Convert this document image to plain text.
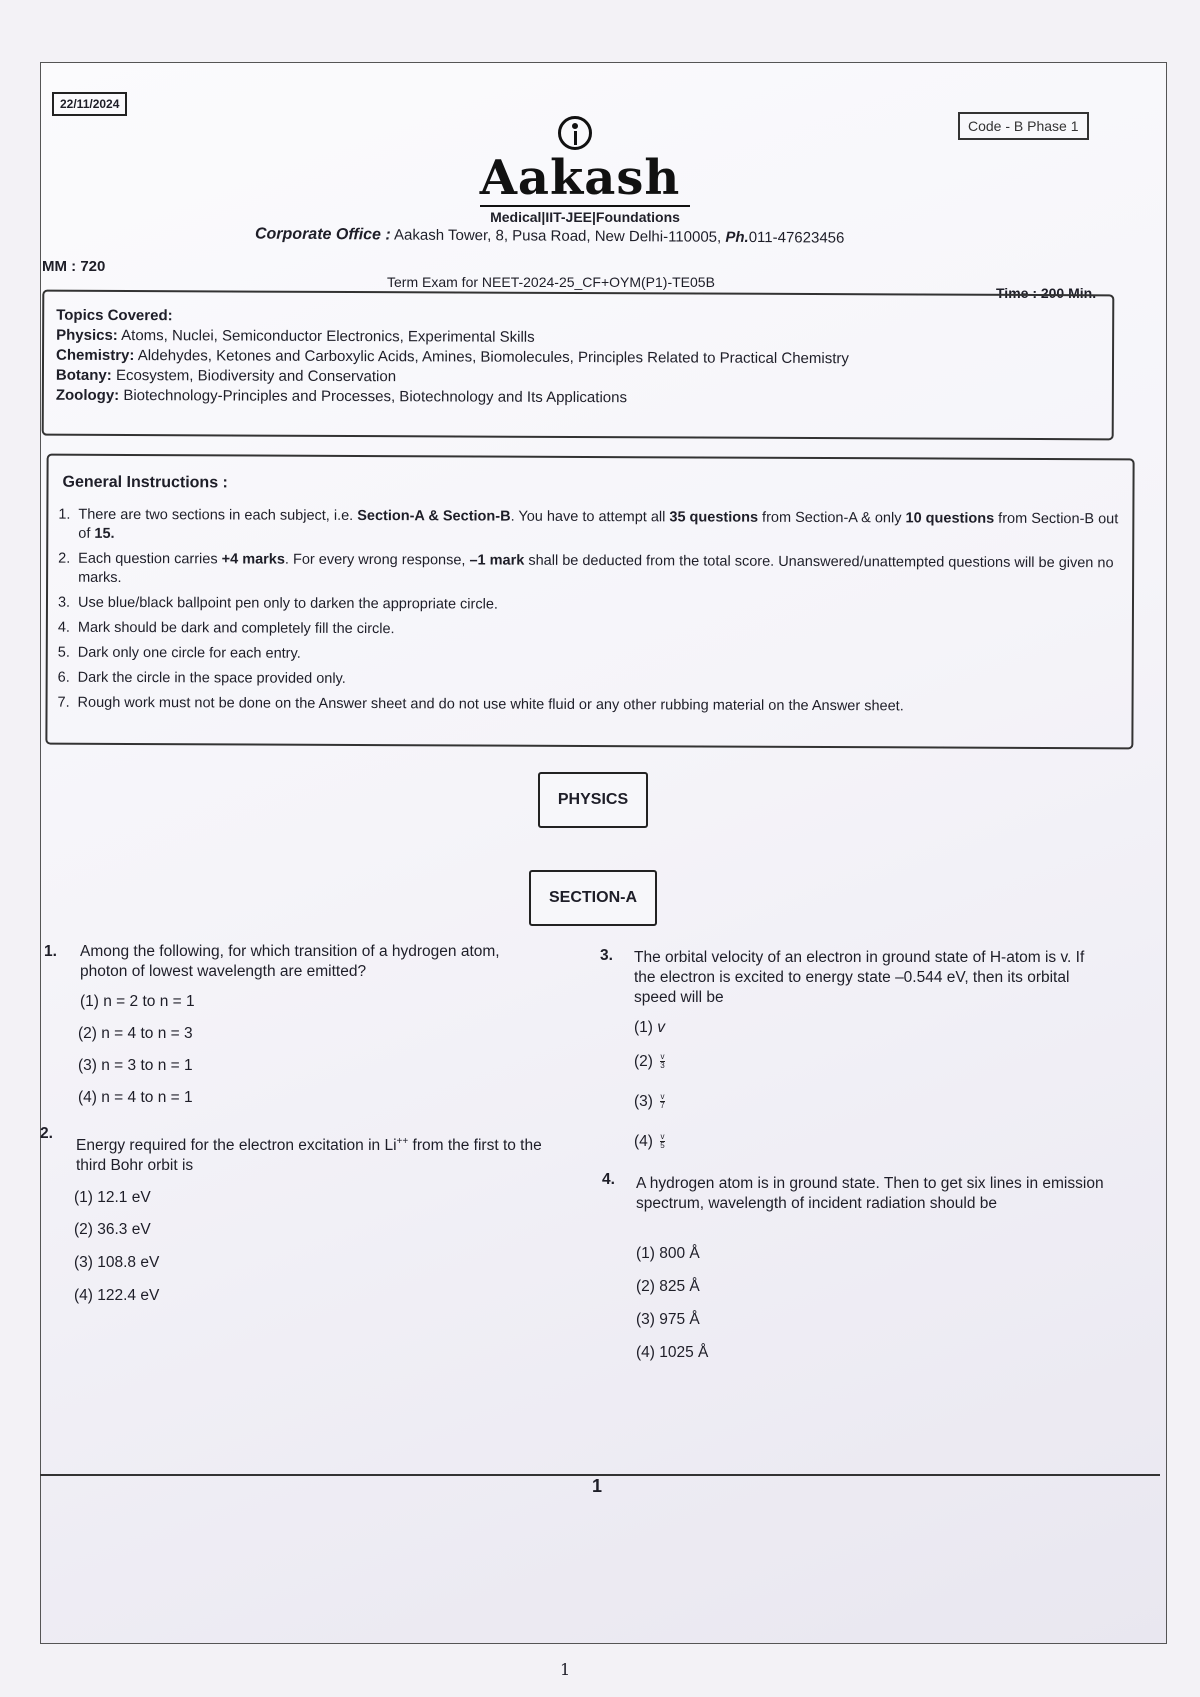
22/11/2024
Code - B Phase 1
Aakash
Medical|IIT-JEE|Foundations
Corporate Office : Aakash Tower, 8, Pusa Road, New Delhi-110005, Ph.011-47623456
MM : 720
Term Exam for NEET-2024-25_CF+OYM(P1)-TE05B
Time : 200 Min.
Topics Covered:
Physics: Atoms, Nuclei, Semiconductor Electronics, Experimental Skills
Chemistry: Aldehydes, Ketones and Carboxylic Acids, Amines, Biomolecules, Principles Related to Practical Chemistry
Botany: Ecosystem, Biodiversity and Conservation
Zoology: Biotechnology-Principles and Processes, Biotechnology and Its Applications
General Instructions :
1. There are two sections in each subject, i.e. Section-A & Section-B. You have to attempt all 35 questions from Section-A & only 10 questions from Section-B out of 15.
2. Each question carries +4 marks. For every wrong response, –1 mark shall be deducted from the total score. Unanswered/unattempted questions will be given no marks.
3. Use blue/black ballpoint pen only to darken the appropriate circle.
4. Mark should be dark and completely fill the circle.
5. Dark only one circle for each entry.
6. Dark the circle in the space provided only.
7. Rough work must not be done on the Answer sheet and do not use white fluid or any other rubbing material on the Answer sheet.
PHYSICS
SECTION-A
1. Among the following, for which transition of a hydrogen atom, photon of lowest wavelength are emitted?
(1) n = 2 to n = 1
(2) n = 4 to n = 3
(3) n = 3 to n = 1
(4) n = 4 to n = 1
2.
Energy required for the electron excitation in Li++ from the first to the third Bohr orbit is
(1) 12.1 eV
(2) 36.3 eV
(3) 108.8 eV
(4) 122.4 eV
3. The orbital velocity of an electron in ground state of H-atom is v. If the electron is excited to energy state –0.544 eV, then its orbital speed will be
(1) v
$(2) \frac{v}{3}$
$(3) \frac{v}{7}$
$(4) \frac{v}{5}$
4. A hydrogen atom is in ground state. Then to get six lines in emission spectrum, wavelength of incident radiation should be
(1) 800 Å
(2) 825 Å
(3) 975 Å
(4) 1025 Å
1
1
